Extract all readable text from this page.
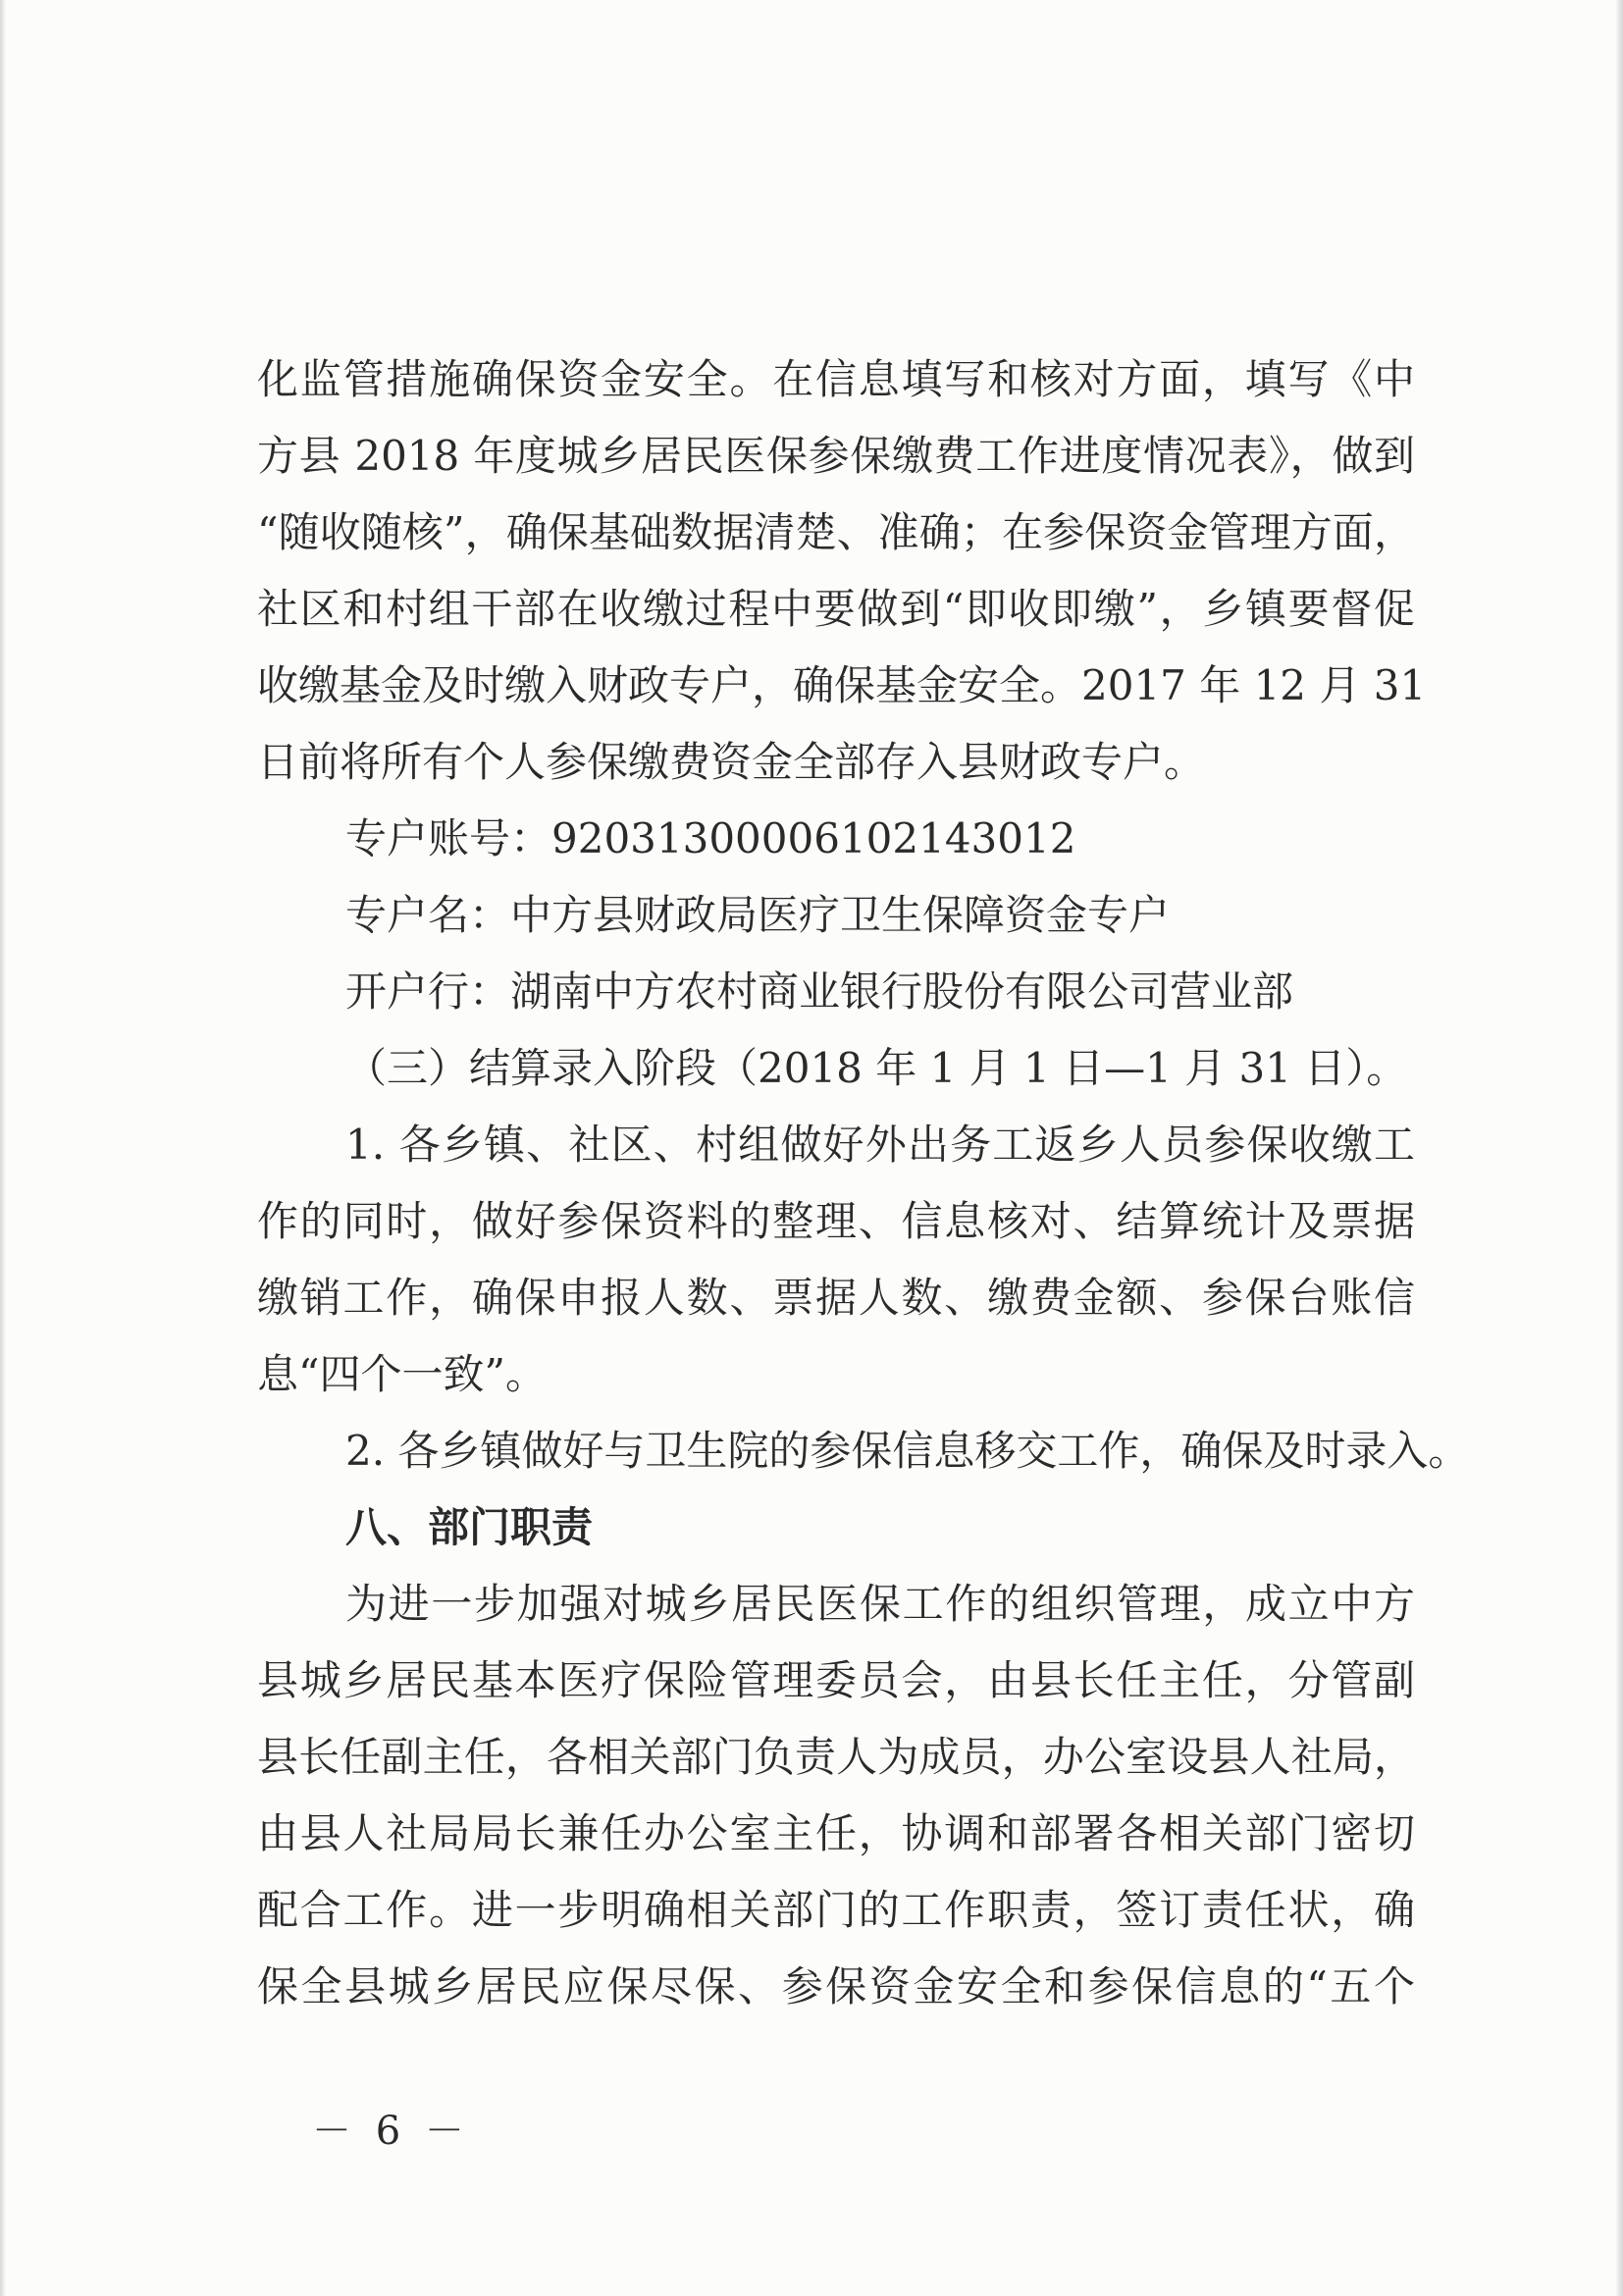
化监管措施确保资金安全。在信息填写和核对方面，填写《中
方县 2018 年度城乡居民医保参保缴费工作进度情况表》，做到
“随收随核”，确保基础数据清楚、准确；在参保资金管理方面，
社区和村组干部在收缴过程中要做到“即收即缴”，乡镇要督促
收缴基金及时缴入财政专户，确保基金安全。2017 年 12 月 31
日前将所有个人参保缴费资金全部存入县财政专户。
专户账号：92031300006102143012
专户名：中方县财政局医疗卫生保障资金专户
开户行：湖南中方农村商业银行股份有限公司营业部
（三）结算录入阶段（2018 年 1 月 1 日—1 月 31 日）。
1. 各乡镇、社区、村组做好外出务工返乡人员参保收缴工
作的同时，做好参保资料的整理、信息核对、结算统计及票据
缴销工作，确保申报人数、票据人数、缴费金额、参保台账信
息“四个一致”。
2. 各乡镇做好与卫生院的参保信息移交工作，确保及时录入。
八、部门职责
为进一步加强对城乡居民医保工作的组织管理，成立中方
县城乡居民基本医疗保险管理委员会，由县长任主任，分管副
县长任副主任，各相关部门负责人为成员，办公室设县人社局，
由县人社局局长兼任办公室主任，协调和部署各相关部门密切
配合工作。进一步明确相关部门的工作职责，签订责任状，确
保全县城乡居民应保尽保、参保资金安全和参保信息的“五个
－ 6 －
